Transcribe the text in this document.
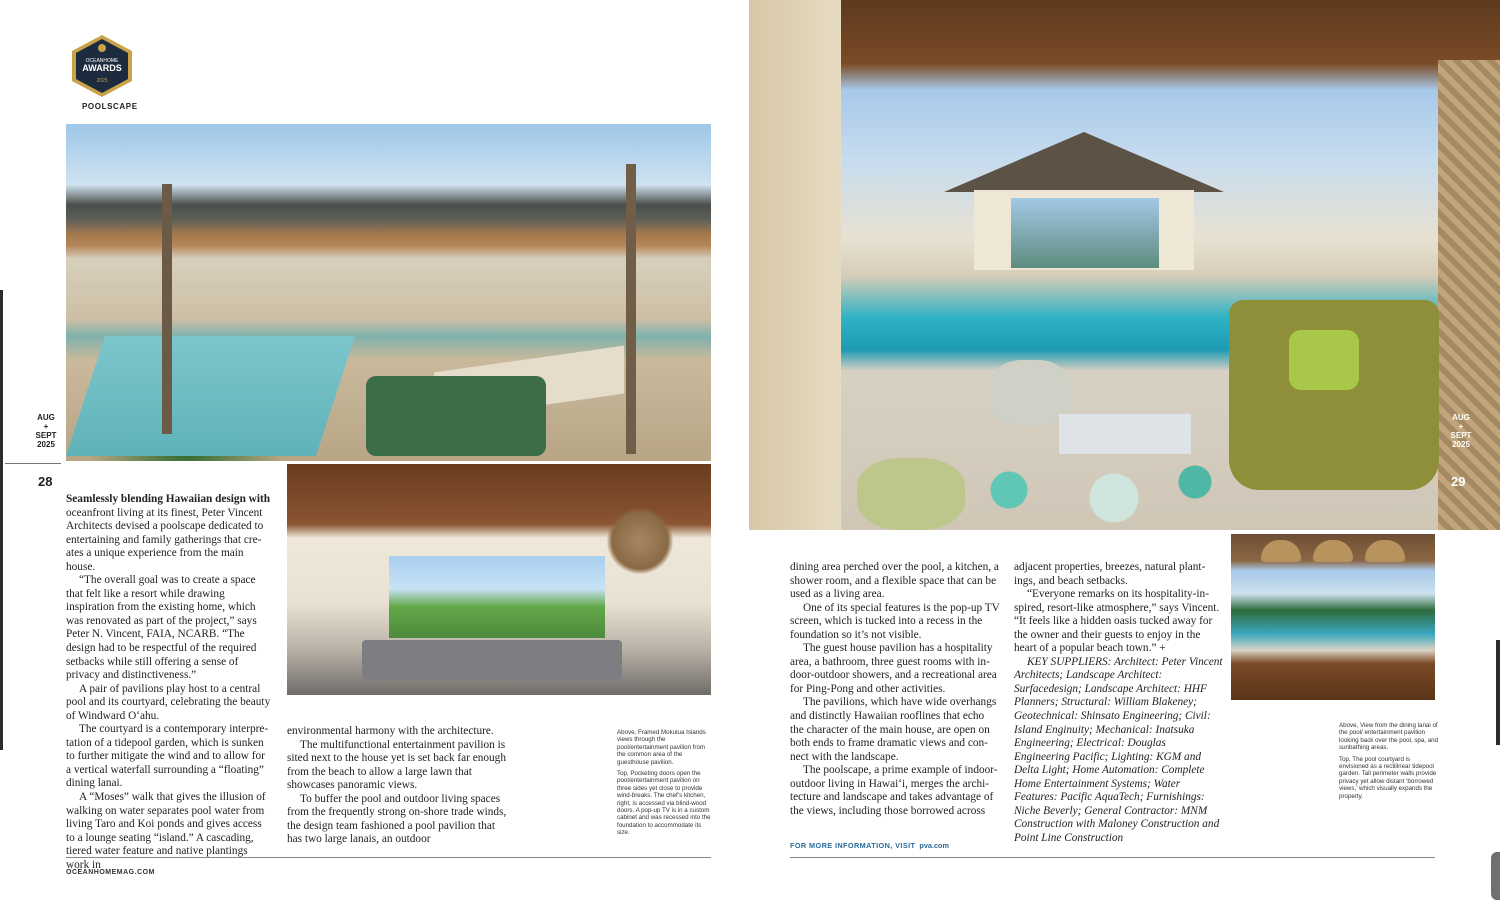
OCEANHOME
AWARDS
2025
POOLSCAPE
AUG
+
SEPT
2025
28
AUG
+
SEPT
2025
29

Seamlessly blending Hawaiian design with oceanfront living at its finest, Peter Vincent Architects devised a poolscape dedicated to entertaining and family gatherings that cre-ates a unique experience from the main house.

“The overall goal was to create a space that felt like a resort while drawing inspiration from the existing home, which was renovated as part of the project,” says Peter N. Vincent, FAIA, NCARB. “The design had to be respectful of the required setbacks while still offering a sense of privacy and distinctiveness.”

A pair of pavilions play host to a central pool and its courtyard, celebrating the beauty of Windward O‘ahu.

The courtyard is a contemporary interpre-tation of a tidepool garden, which is sunken to further mitigate the wind and to allow for a vertical waterfall surrounding a “floating” dining lanai.

A “Moses” walk that gives the illusion of walking on water separates pool water from living Taro and Koi ponds and gives access to a lounge seating “island.” A cascading, tiered water feature and native plantings work in

environmental harmony with the architecture.

The multifunctional entertainment pavilion is sited next to the house yet is set back far enough from the beach to allow a large lawn that showcases panoramic views.

To buffer the pool and outdoor living spaces from the frequently strong on-shore trade winds, the design team fashioned a pool pavilion that has two large lanais, an outdoor

dining area perched over the pool, a kitchen, a shower room, and a flexible space that can be used as a living area.

One of its special features is the pop-up TV screen, which is tucked into a recess in the foundation so it’s not visible.

The guest house pavilion has a hospitality area, a bathroom, three guest rooms with in-door-outdoor showers, and a recreational area for Ping-Pong and other activities.

The pavilions, which have wide overhangs and distinctly Hawaiian rooflines that echo the character of the main house, are open on both ends to frame dramatic views and con-nect with the landscape.

The poolscape, a prime example of indoor-outdoor living in Hawai‘i, merges the archi-tecture and landscape and takes advantage of the views, including those borrowed across

adjacent properties, breezes, natural plant-ings, and beach setbacks.

“Everyone remarks on its hospitality-in-spired, resort-like atmosphere,” says Vincent. “It feels like a hidden oasis tucked away for the owner and their guests to enjoy in the heart of a popular beach town.” +

KEY SUPPLIERS: Architect: Peter Vincent Architects; Landscape Architect: Surfacedesign; Landscape Architect: HHF Planners; Structural: William Blakeney; Geotechnical: Shinsato Engineering; Civil: Island Enginuity; Mechanical: Inatsuka Engineering; Electrical: Douglas Engineering Pacific; Lighting: KGM and Delta Light; Home Automation: Complete Home Entertainment Systems; Water Features: Pacific AquaTech; Furnishings: Niche Beverly; General Contractor: MNM Construction with Maloney Construction and Point Line Construction

Above, Framed Mokulua Islands views through the pool/entertainment pavilion from the common area of the guesthouse pavilion.

Top, Pocketing doors open the pool/entertainment pavilion on three sides yet close to provide wind-breaks. The chef’s kitchen, right, is accessed via blind-wood doors. A pop-up TV is in a custom cabinet and was recessed into the foundation to accommodate its size.

Above, View from the dining lanai of the pool/ entertainment pavilion looking back over the pool, spa, and sunbathing areas.

Top, The pool courtyard is envisioned as a rectilinear tidepool garden. Tall perimeter walls provide privacy yet allow distant ‘borrowed views,’ which visually expands the property.

FOR MORE INFORMATION, VISIT pva.com
OCEANHOMEMAG.COM
